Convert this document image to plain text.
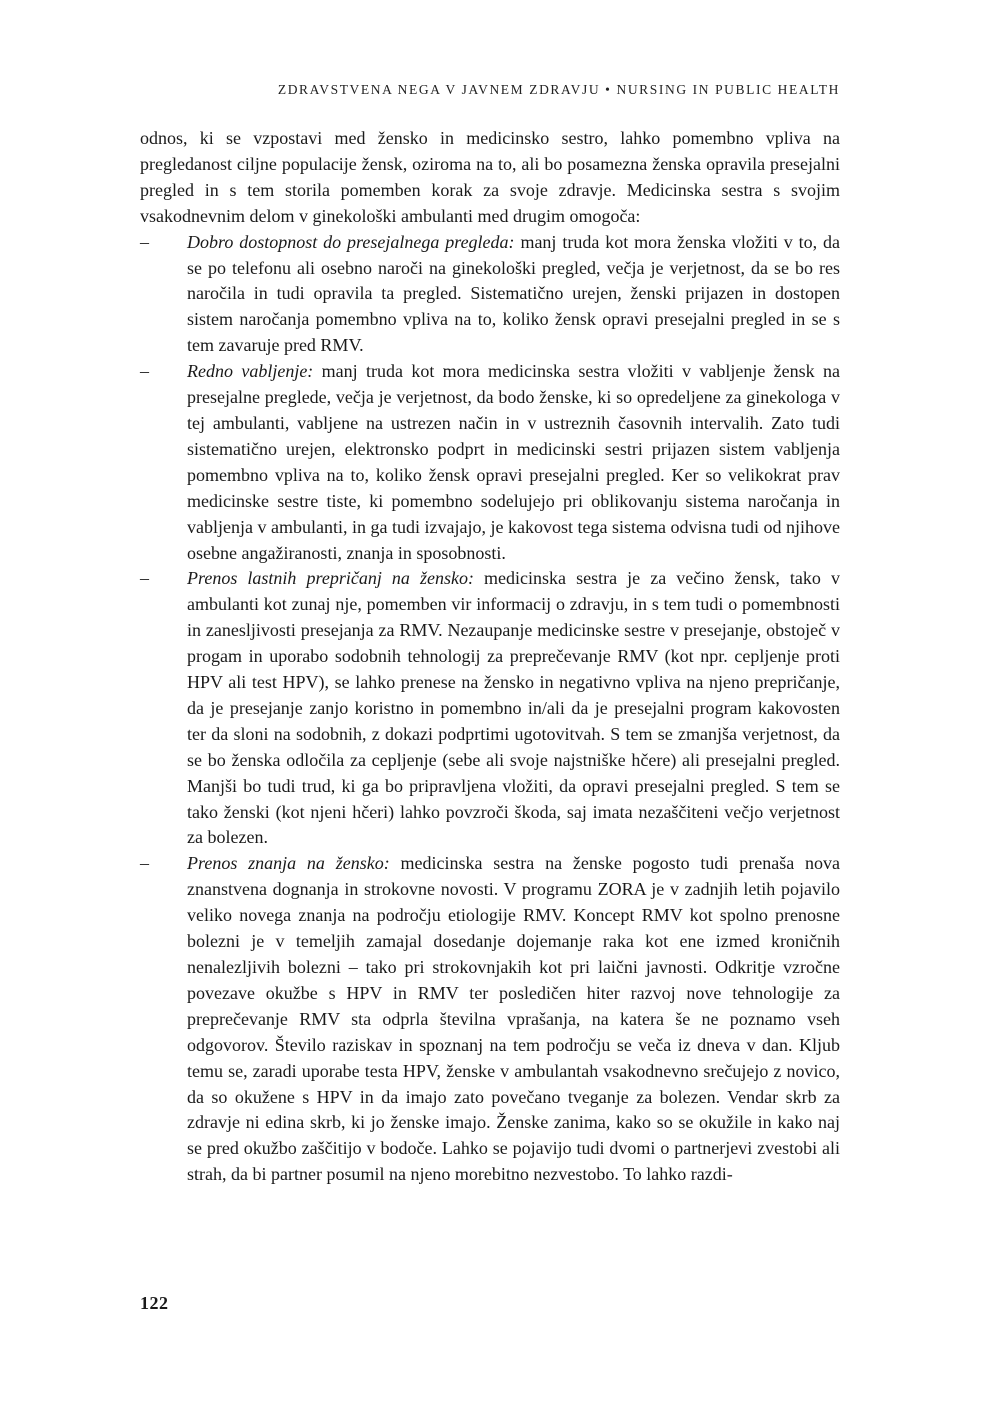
ZDRAVSTVENA NEGA V JAVNEM ZDRAVJU • NURSING IN PUBLIC HEALTH

odnos, ki se vzpostavi med žensko in medicinsko sestro, lahko pomembno vpliva na pregledanost ciljne populacije žensk, oziroma na to, ali bo posamezna ženska opravila presejalni pregled in s tem storila pomemben korak za svoje zdravje. Medicinska sestra s svojim vsakodnevnim delom v ginekološki ambulanti med drugim omogoča:

– Dobro dostopnost do presejalnega pregleda: manj truda kot mora ženska vložiti v to, da se po telefonu ali osebno naroči na ginekološki pregled, večja je verjetnost, da se bo res naročila in tudi opravila ta pregled. Sistematično urejen, ženski prijazen in dostopen sistem naročanja pomembno vpliva na to, koliko žensk opravi presejalni pregled in se s tem zavaruje pred RMV.
– Redno vabljenje: manj truda kot mora medicinska sestra vložiti v vabljenje žensk na presejalne preglede, večja je verjetnost, da bodo ženske, ki so opredeljene za ginekologa v tej ambulanti, vabljene na ustrezen način in v ustreznih časovnih intervalih. Zato tudi sistematično urejen, elektronsko podprt in medicinski sestri prijazen sistem vabljenja pomembno vpliva na to, koliko žensk opravi presejalni pregled. Ker so velikokrat prav medicinske sestre tiste, ki pomembno sodelujejo pri oblikovanju sistema naročanja in vabljenja v ambulanti, in ga tudi izvajajo, je kakovost tega sistema odvisna tudi od njihove osebne angažiranosti, znanja in sposobnosti.
– Prenos lastnih prepričanj na žensko: medicinska sestra je za večino žensk, tako v ambulanti kot zunaj nje, pomemben vir informacij o zdravju, in s tem tudi o pomembnosti in zanesljivosti presejanja za RMV. Nezaupanje medicinske sestre v presejanje, obstoječ v progam in uporabo sodobnih tehnologij za preprečevanje RMV (kot npr. cepljenje proti HPV ali test HPV), se lahko prenese na žensko in negativno vpliva na njeno prepričanje, da je presejanje zanjo koristno in pomembno in/ali da je presejalni program kakovosten ter da sloni na sodobnih, z dokazi podprtimi ugotovitvah. S tem se zmanjša verjetnost, da se bo ženska odločila za cepljenje (sebe ali svoje najstniške hčere) ali presejalni pregled. Manjši bo tudi trud, ki ga bo pripravljena vložiti, da opravi presejalni pregled. S tem se tako ženski (kot njeni hčeri) lahko povzroči škoda, saj imata nezaščiteni večjo verjetnost za bolezen.
– Prenos znanja na žensko: medicinska sestra na ženske pogosto tudi prenaša nova znanstvena dognanja in strokovne novosti. V programu ZORA je v zadnjih letih pojavilo veliko novega znanja na področju etiologije RMV. Koncept RMV kot spolno prenosne bolezni je v temeljih zamajal dosedanje dojemanje raka kot ene izmed kroničnih nenalezljivih bolezni – tako pri strokovnjakih kot pri laični javnosti. Odkritje vzročne povezave okužbe s HPV in RMV ter posledičen hiter razvoj nove tehnologije za preprečevanje RMV sta odprla številna vprašanja, na katera še ne poznamo vseh odgovorov. Število raziskav in spoznanj na tem področju se veča iz dneva v dan. Kljub temu se, zaradi uporabe testa HPV, ženske v ambulantah vsakodnevno srečujejo z novico, da so okužene s HPV in da imajo zato povečano tveganje za bolezen. Vendar skrb za zdravje ni edina skrb, ki jo ženske imajo. Ženske zanima, kako so se okužile in kako naj se pred okužbo zaščitijo v bodoče. Lahko se pojavijo tudi dvomi o partnerjevi zvestobi ali strah, da bi partner posumil na njeno morebitno nezvestobo. To lahko razdi-
122
